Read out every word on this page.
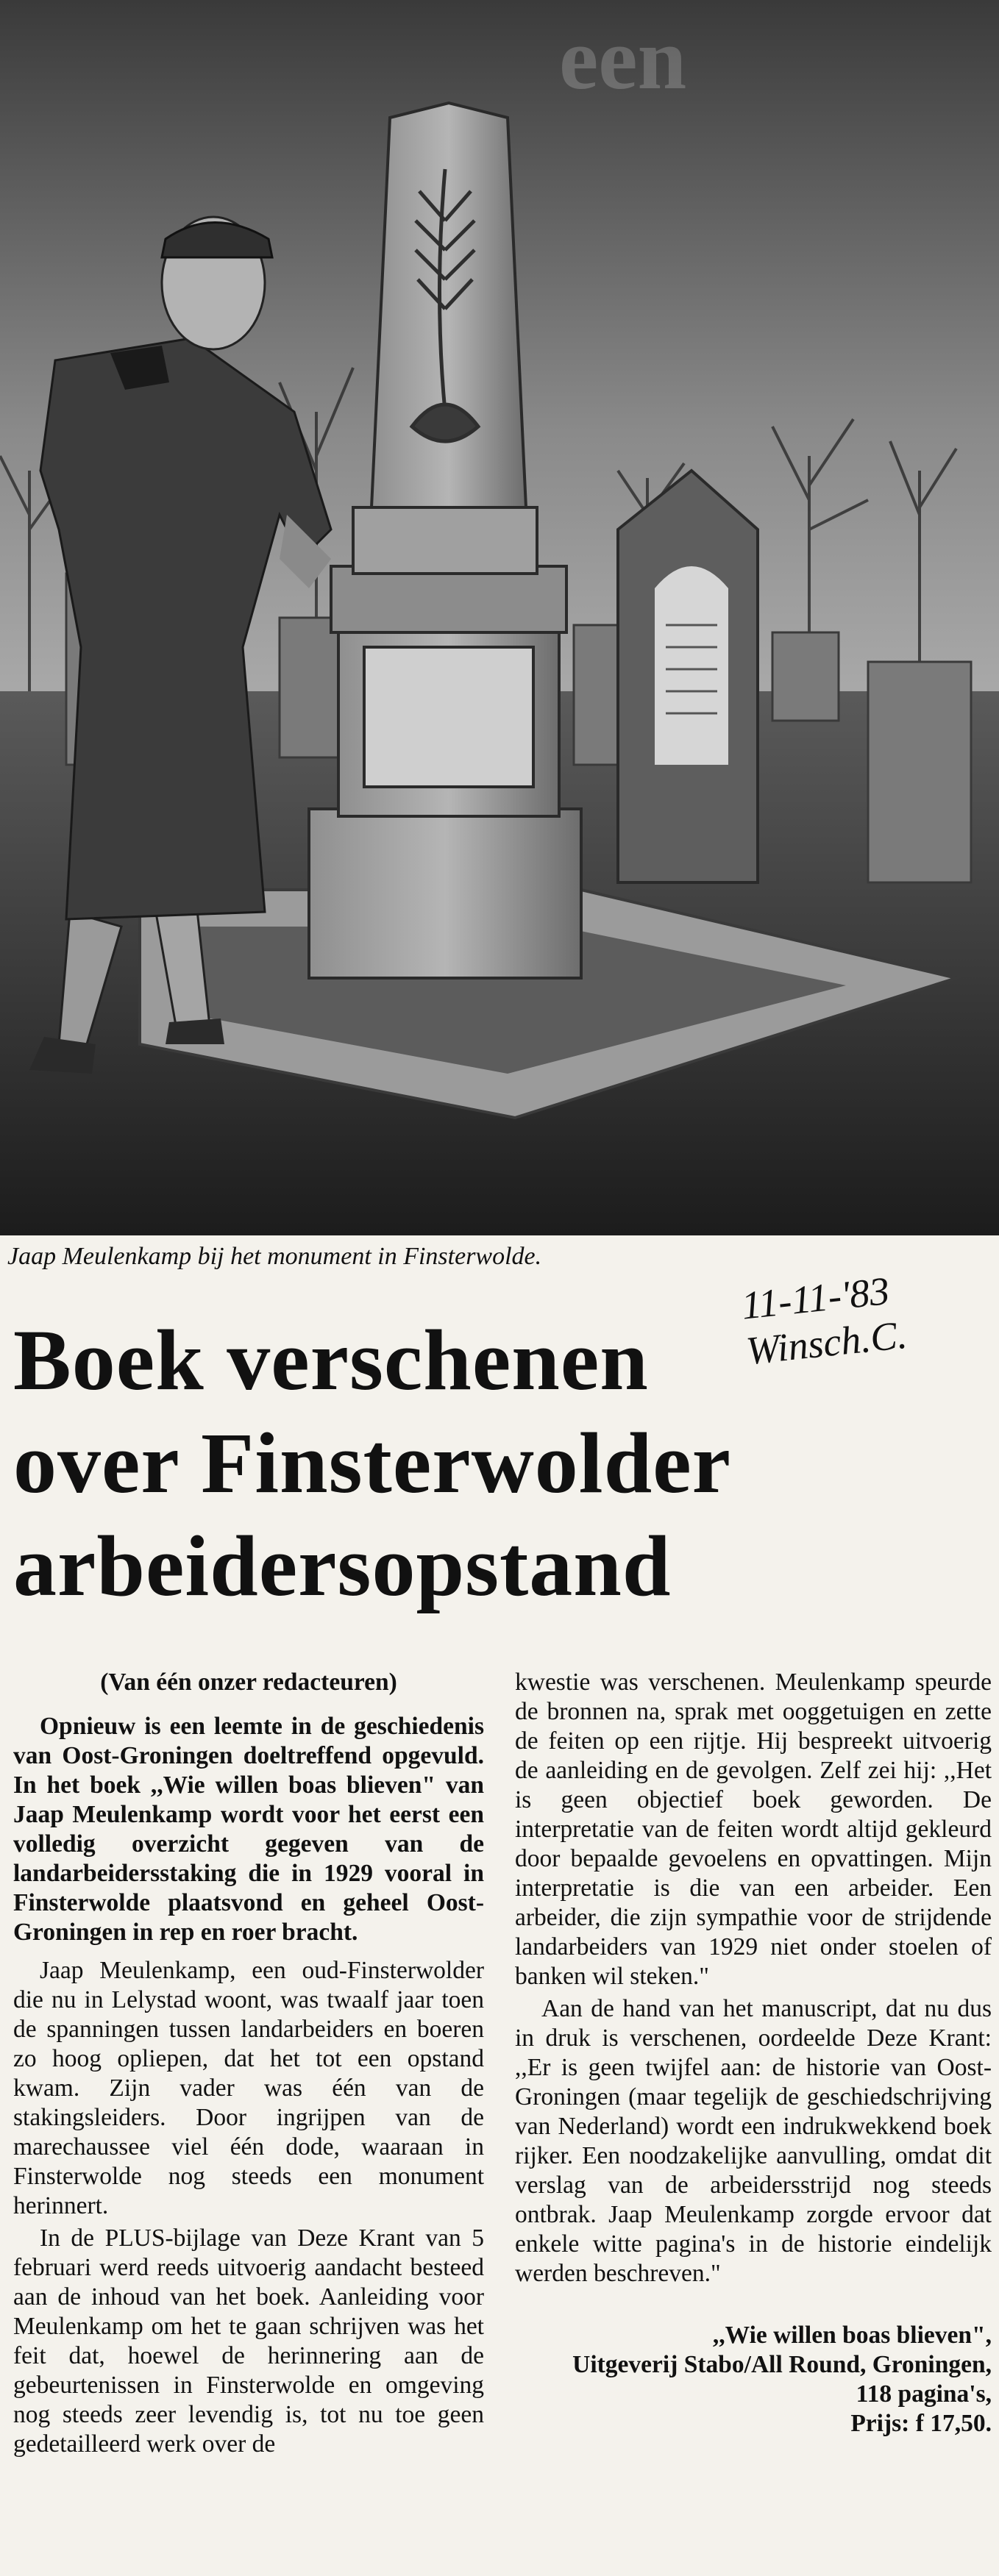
een
Jaap Meulenkamp bij het monument in Finsterwolde.
11-11-'83
Winsch.C.
Boek verschenen
over Finsterwolder
arbeidersopstand

(Van één onzer redacteuren)

Opnieuw is een leemte in de geschiedenis van Oost-Groningen doeltreffend opgevuld. In het boek ,,Wie willen boas blieven" van Jaap Meulenkamp wordt voor het eerst een volledig overzicht gegeven van de landarbeidersstaking die in 1929 vooral in Finsterwolde plaatsvond en geheel Oost-Groningen in rep en roer bracht.

Jaap Meulenkamp, een oud-Finsterwolder die nu in Lelystad woont, was twaalf jaar toen de spanningen tussen landarbeiders en boeren zo hoog opliepen, dat het tot een opstand kwam. Zijn vader was één van de stakingsleiders. Door ingrijpen van de marechaussee viel één dode, waaraan in Finsterwolde nog steeds een monument herinnert.

In de PLUS-bijlage van Deze Krant van 5 februari werd reeds uitvoerig aandacht besteed aan de inhoud van het boek. Aanleiding voor Meulenkamp om het te gaan schrijven was het feit dat, hoewel de herinnering aan de gebeurtenissen in Finsterwolde en omgeving nog steeds zeer levendig is, tot nu toe geen gedetailleerd werk over de

kwestie was verschenen. Meulenkamp speurde de bronnen na, sprak met ooggetuigen en zette de feiten op een rijtje. Hij bespreekt uitvoerig de aanleiding en de gevolgen. Zelf zei hij: ,,Het is geen objectief boek geworden. De interpretatie van de feiten wordt altijd gekleurd door bepaalde gevoelens en opvattingen. Mijn interpretatie is die van een arbeider. Een arbeider, die zijn sympathie voor de strijdende landarbeiders van 1929 niet onder stoelen of banken wil steken."

Aan de hand van het manuscript, dat nu dus in druk is verschenen, oordeelde Deze Krant: ,,Er is geen twijfel aan: de historie van Oost-Groningen (maar tegelijk de geschiedschrijving van Nederland) wordt een indrukwekkend boek rijker. Een noodzakelijke aanvulling, omdat dit verslag van de arbeidersstrijd nog steeds ontbrak. Jaap Meulenkamp zorgde ervoor dat enkele witte pagina's in de historie eindelijk werden beschreven."

,,Wie willen boas blieven",
Uitgeverij Stabo/All Round, Groningen,
118 pagina's,
Prijs: f 17,50.
